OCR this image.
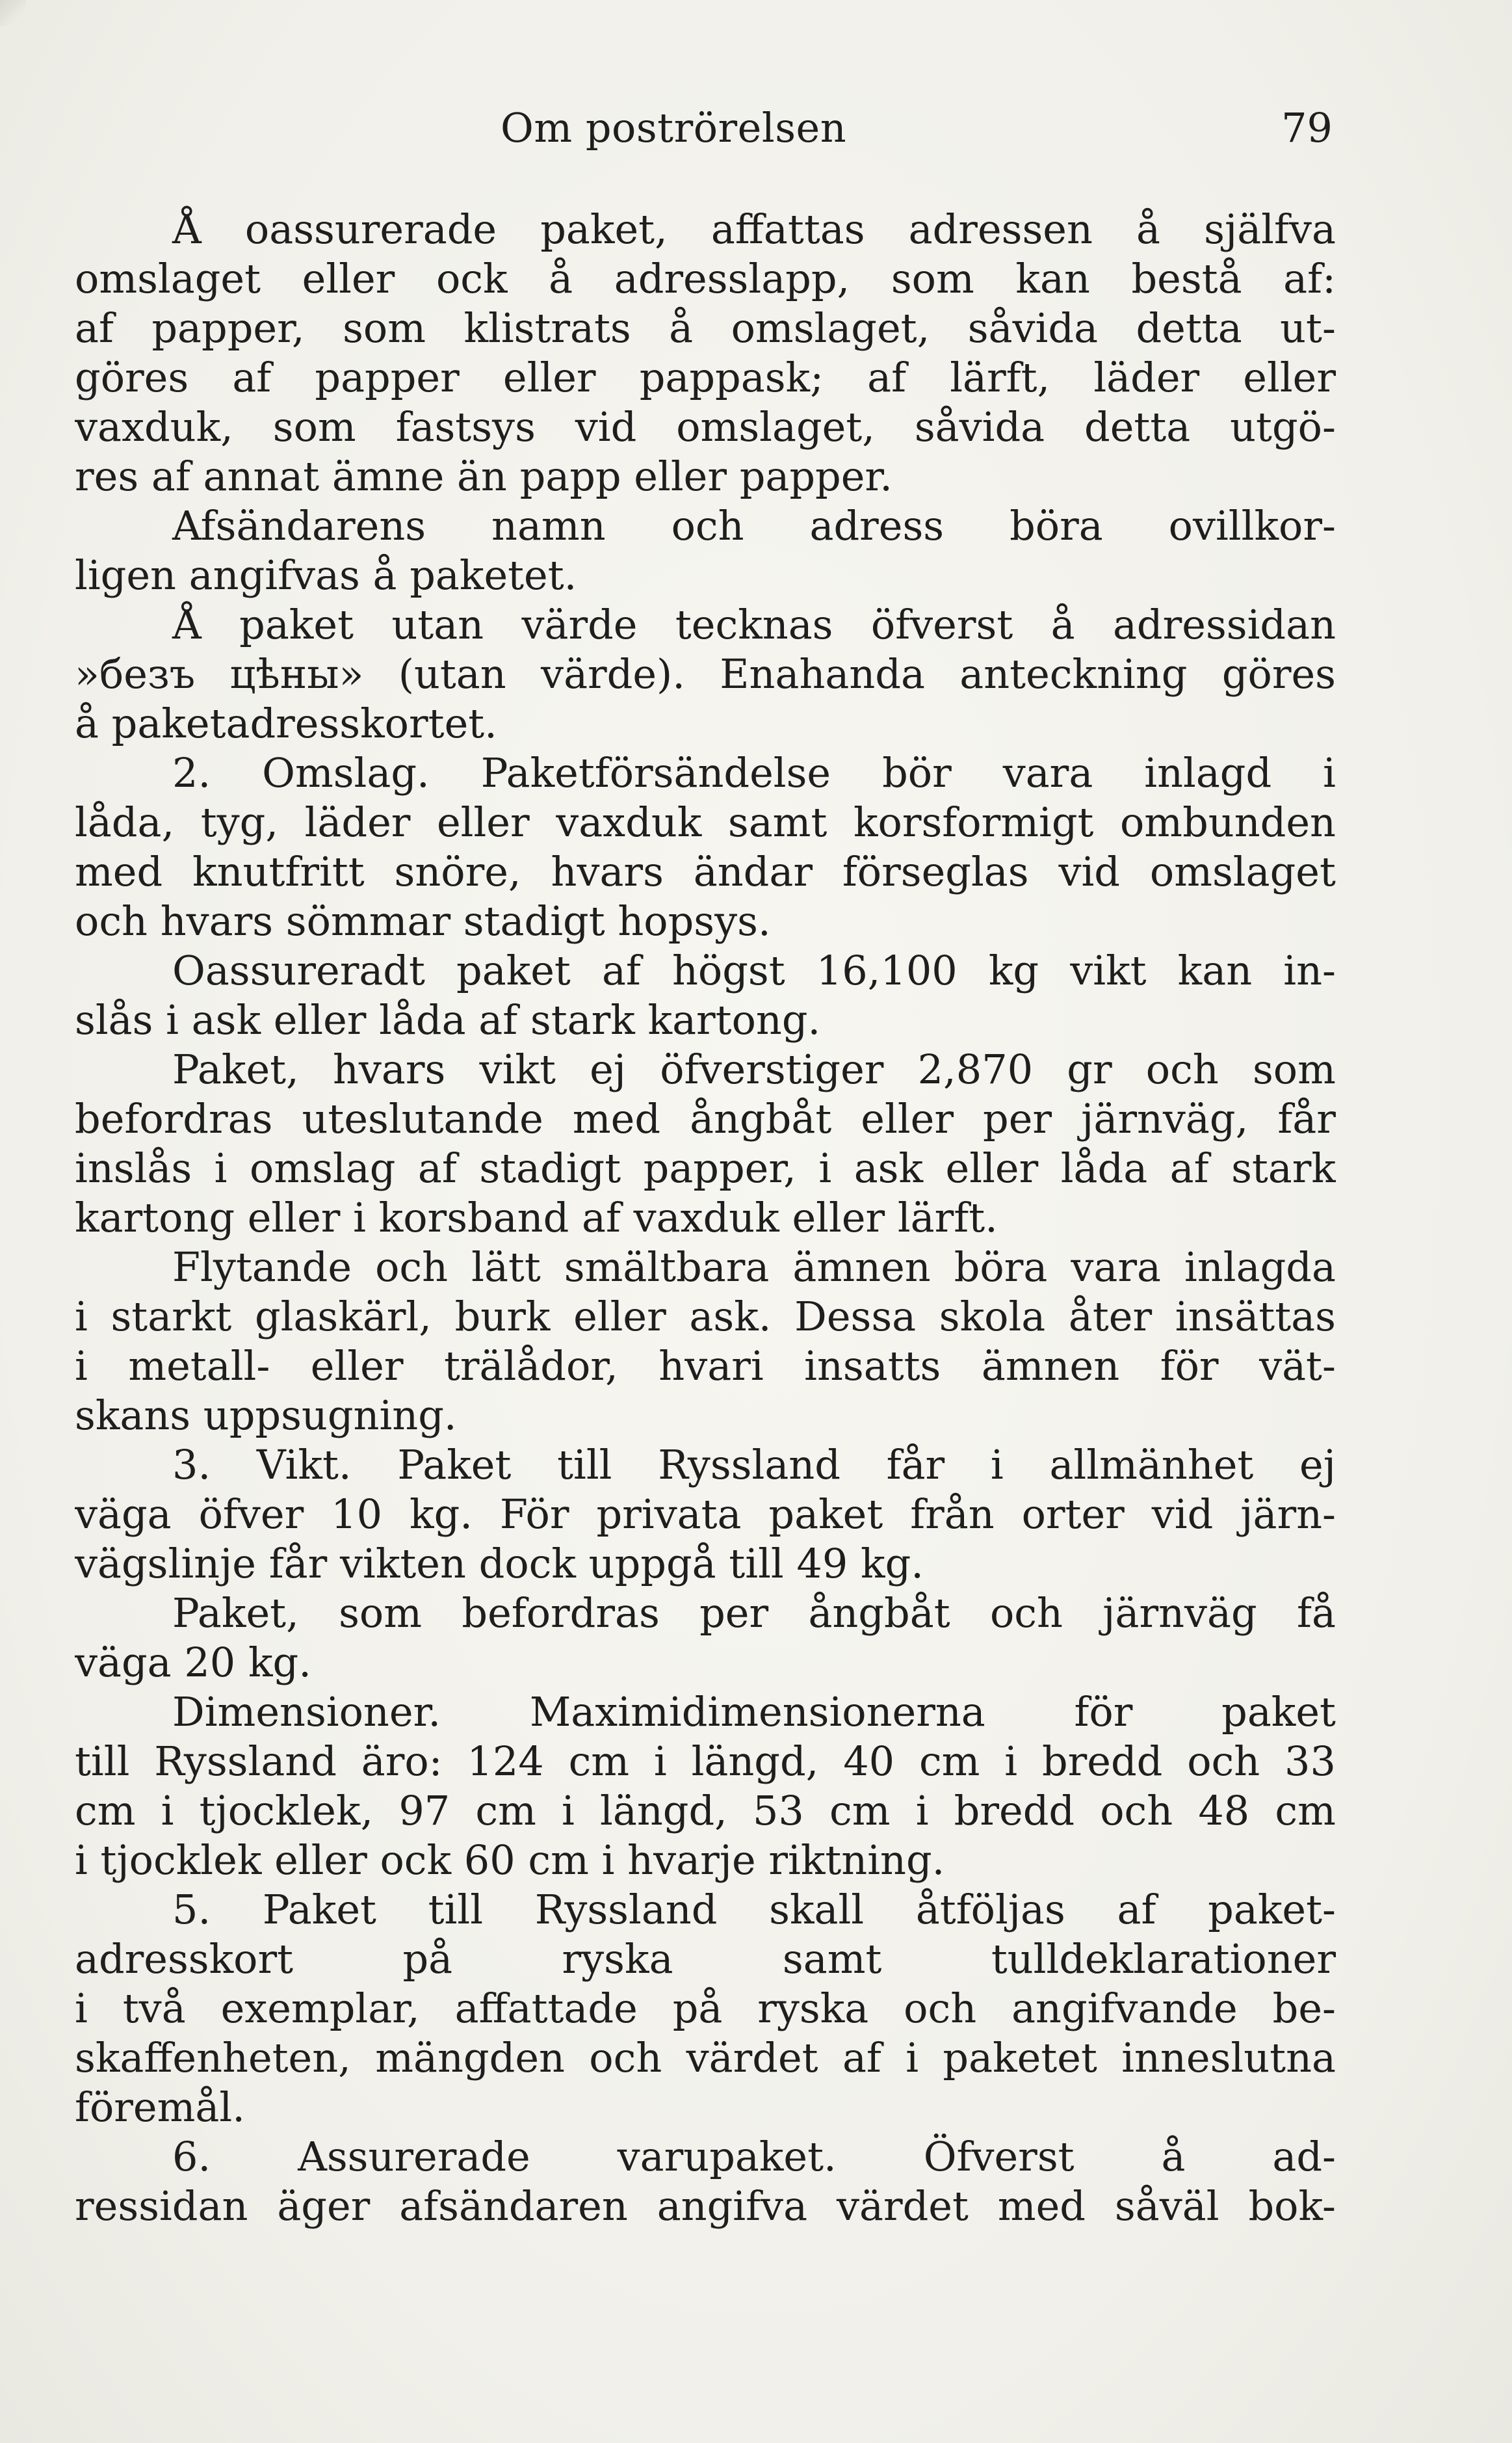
Om poströrelsen	79
Å oassurerade paket, affattas adressen å själfva
omslaget eller ock å adresslapp, som kan bestå af:
af papper, som klistrats å omslaget, såvida detta ut-
göres af papper eller pappask; af lärft, läder eller
vaxduk, som fastsys vid omslaget, såvida detta utgö-
res af annat ämne än papp eller papper.
Afsändarens namn och adress böra ovillkor-
ligen angifvas å paketet.
Å paket utan värde tecknas öfverst å adressidan
»безъ цѣны» (utan värde). Enahanda anteckning göres
å paketadresskortet.
2. Omslag. Paketförsändelse bör vara inlagd i
låda, tyg, läder eller vaxduk samt korsformigt ombunden
med knutfritt snöre, hvars ändar förseglas vid omslaget
och hvars sömmar stadigt hopsys.
Oassureradt paket af högst 16,100 kg vikt kan in-
slås i ask eller låda af stark kartong.
Paket, hvars vikt ej öfverstiger 2,870 gr och som
befordras uteslutande med ångbåt eller per järnväg, får
inslås i omslag af stadigt papper, i ask eller låda af stark
kartong eller i korsband af vaxduk eller lärft.
Flytande och lätt smältbara ämnen böra vara inlagda
i starkt glaskärl, burk eller ask. Dessa skola åter insättas
i metall- eller trälådor, hvari insatts ämnen för vät-
skans uppsugning.
3. Vikt. Paket till Ryssland får i allmänhet ej
väga öfver 10 kg. För privata paket från orter vid järn-
vägslinje får vikten dock uppgå till 49 kg.
Paket, som befordras per ångbåt och järnväg få
väga 20 kg.
Dimensioner. Maximidimensionerna för paket
till Ryssland äro: 124 cm i längd, 40 cm i bredd och 33
cm i tjocklek, 97 cm i längd, 53 cm i bredd och 48 cm
i tjocklek eller ock 60 cm i hvarje riktning.
5. Paket till Ryssland skall åtföljas af paket-
adresskort	på	ryska	samt	tulldeklarationer
i två exemplar, affattade på ryska och angifvande be-
skaffenheten, mängden och värdet af i paketet inneslutna
föremål.
6. Assurerade varupaket. Öfverst å ad-
ressidan äger afsändaren angifva värdet med såväl bok-
